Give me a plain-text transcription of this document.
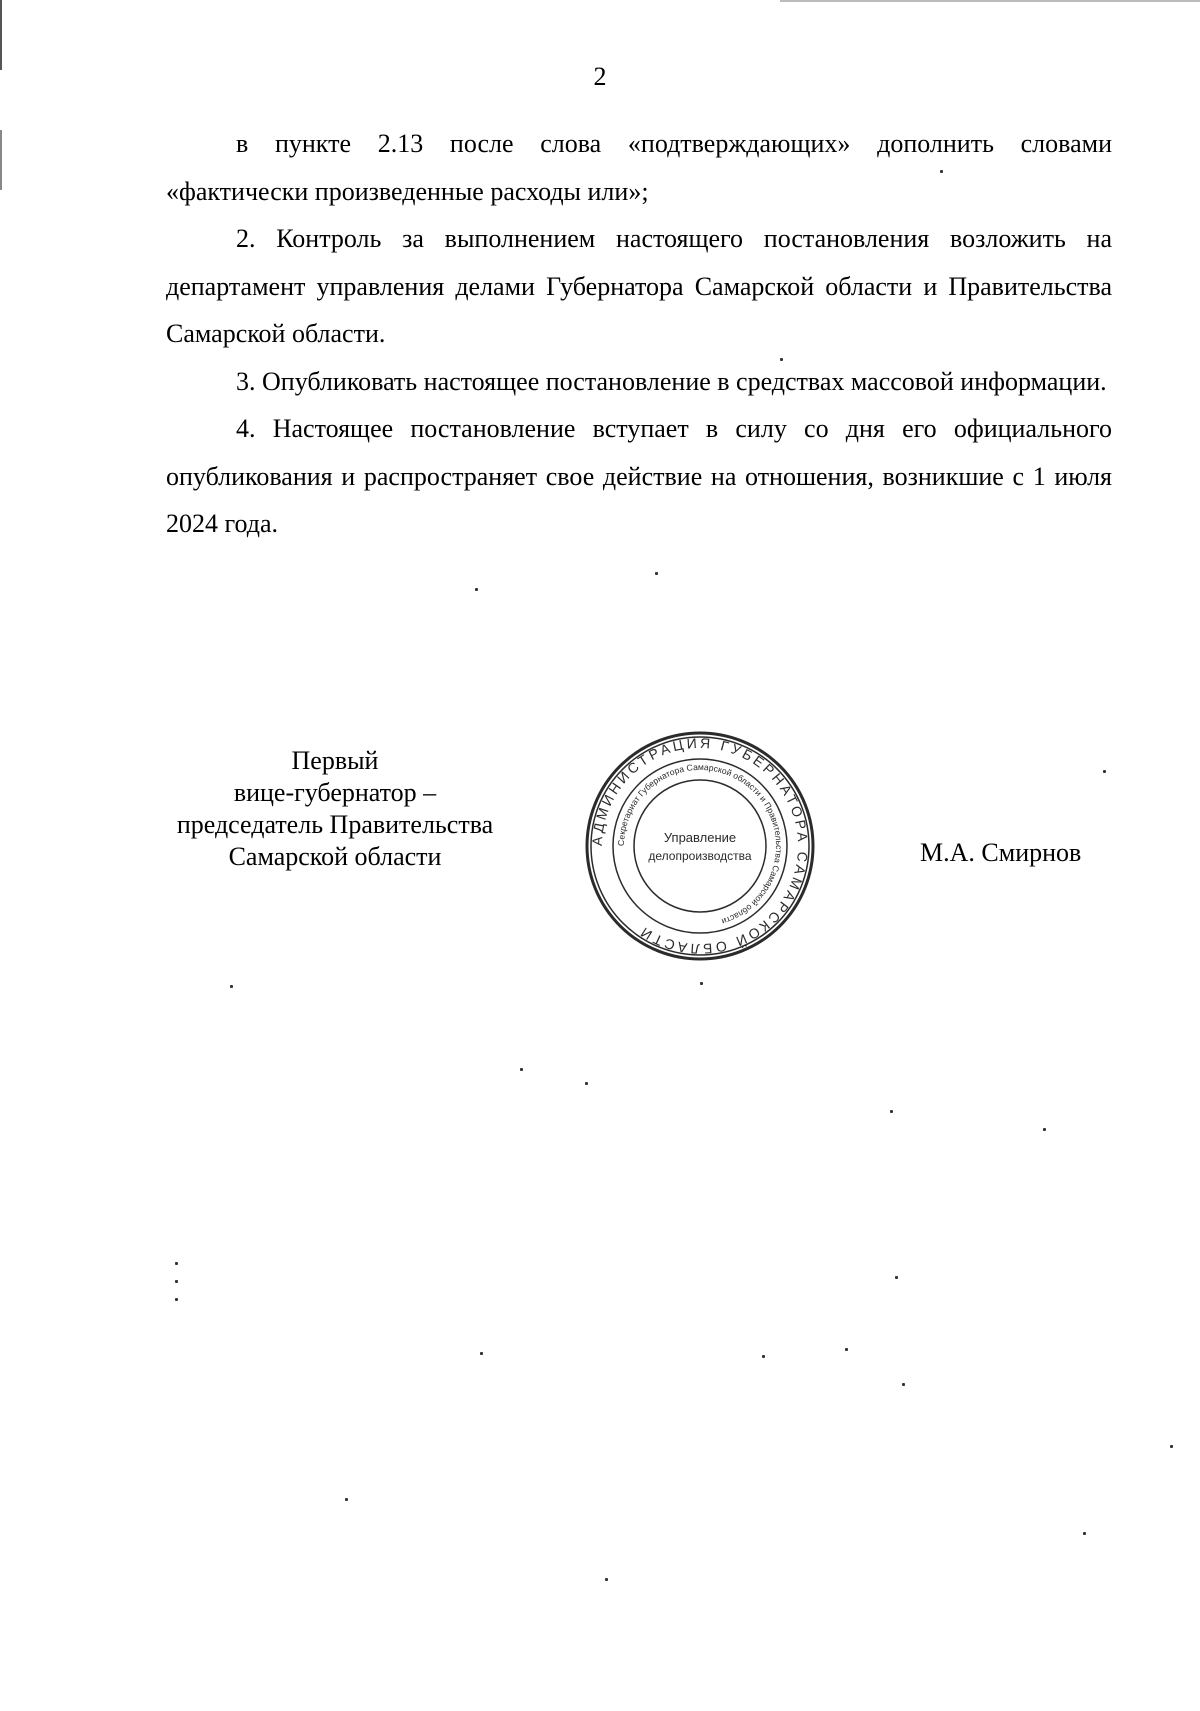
2

в пункте 2.13 после слова «подтверждающих» дополнить словами «фактически произведенные расходы или»;

2. Контроль за выполнением настоящего постановления возложить на департамент управления делами Губернатора Самарской области и Правительства Самарской области.

3. Опубликовать настоящее постановление в средствах массовой информации.

4. Настоящее постановление вступает в силу со дня его официального опубликования и распространяет свое действие на отношения, возникшие с 1 июля 2024 года.

Первый
вице-губернатор –
председатель Правительства
Самарской области
АДМИНИСТРАЦИЯ ГУБЕРНАТОРА САМАРСКОЙ ОБЛАСТИ
Секретариат Губернатора Самарской области и Правительства Самарской области
Управление
делопроизводства	М.А. Смирнов
